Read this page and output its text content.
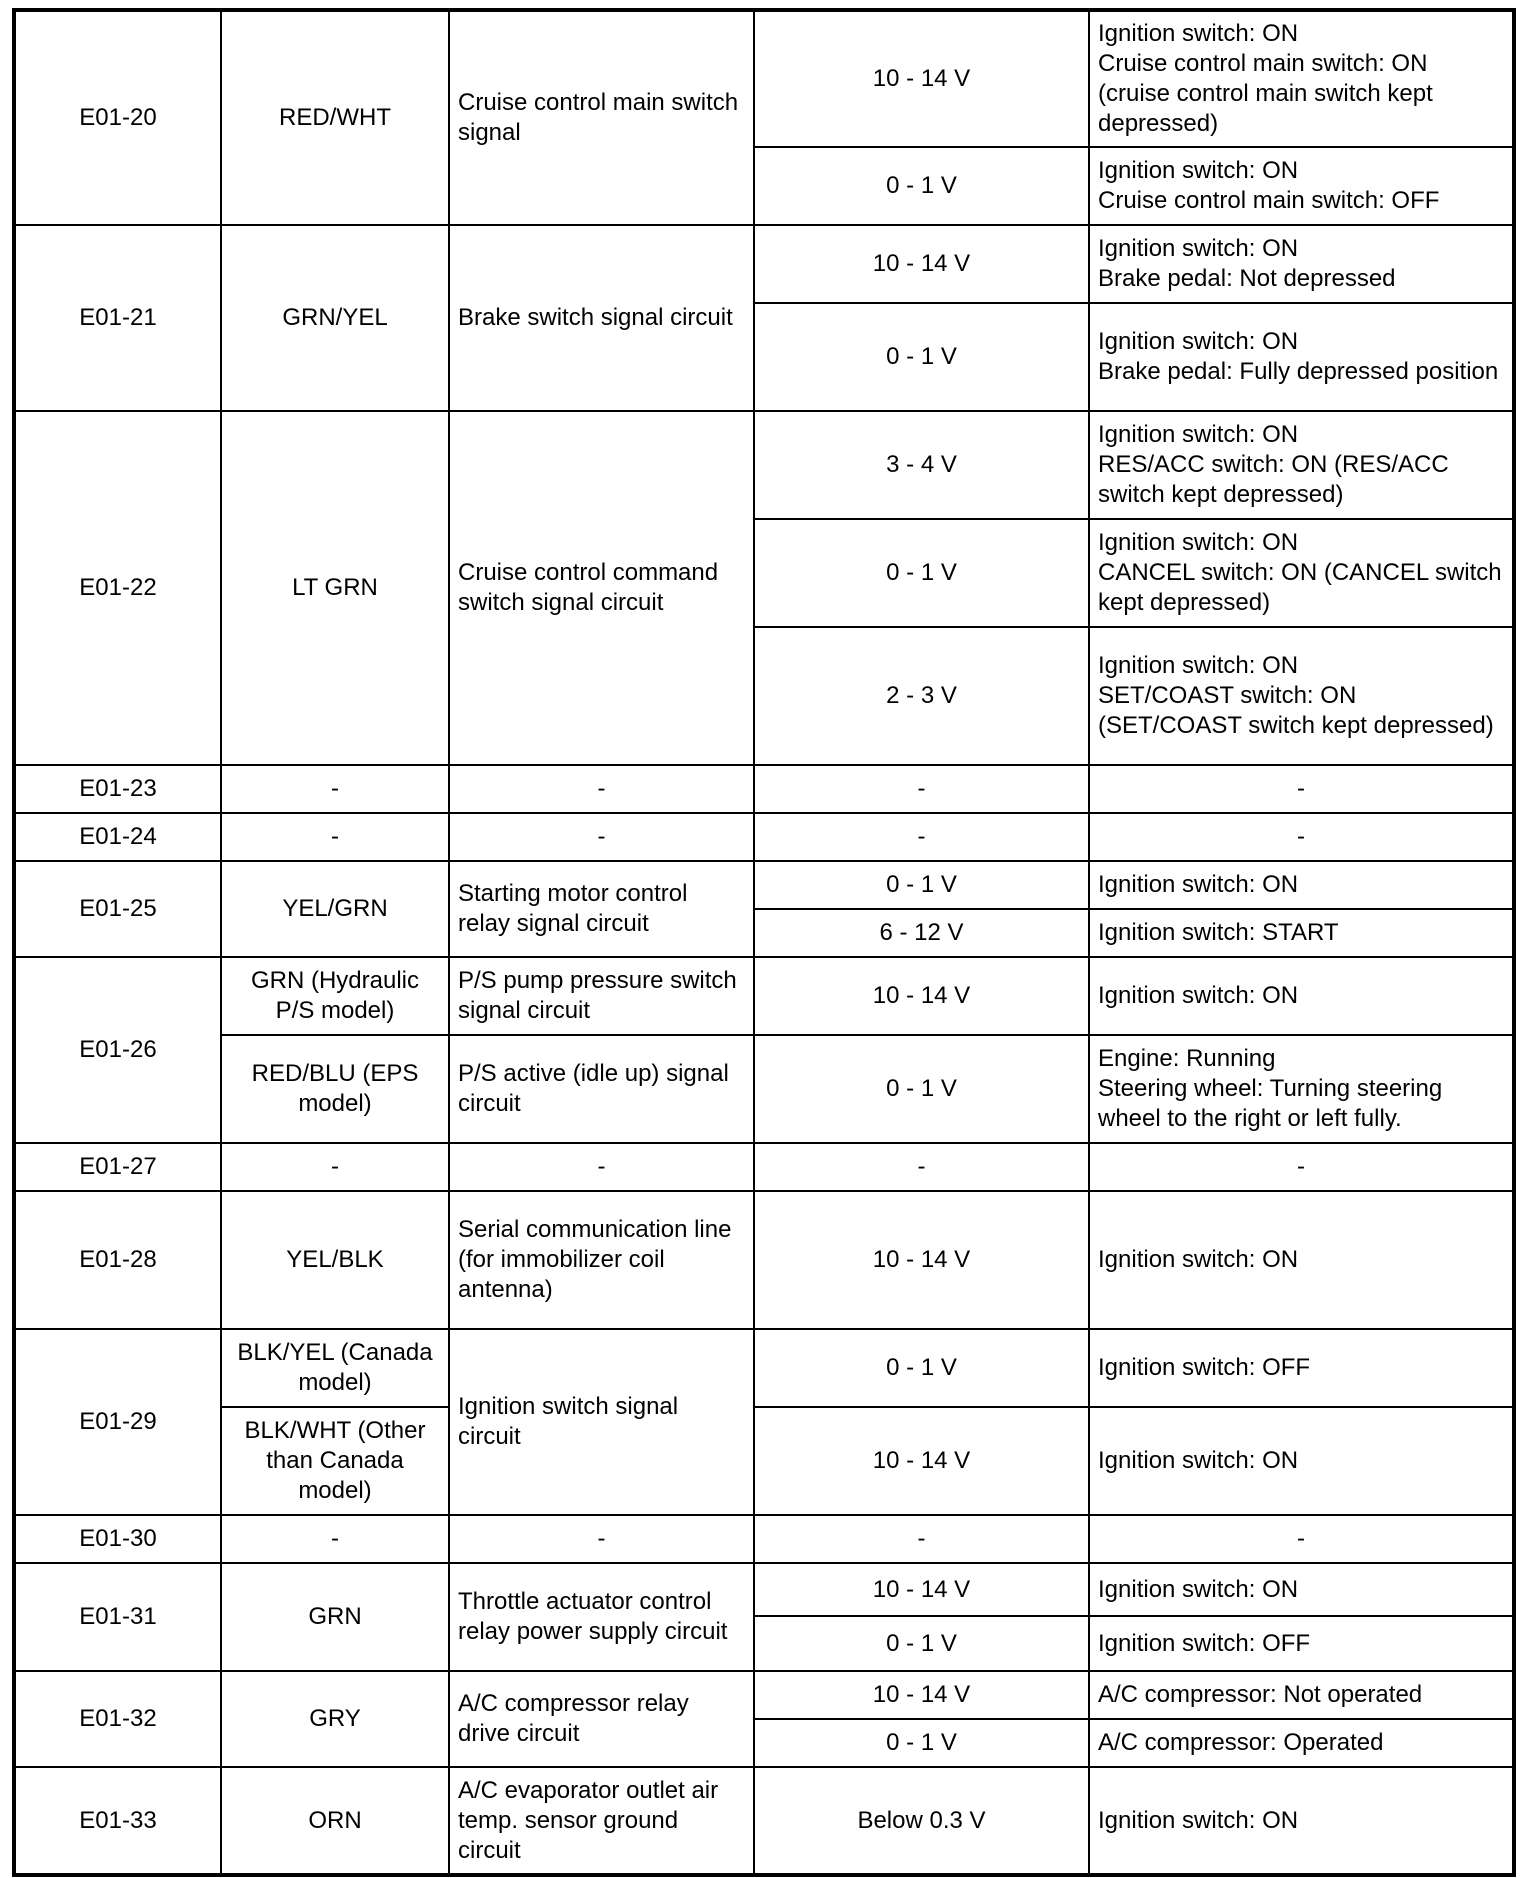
E01-20	RED/WHT	Cruise control main switch signal	10 - 14 V	Ignition switch: ON
Cruise control main switch: ON
(cruise control main switch kept depressed)
			0 - 1 V	Ignition switch: ON
Cruise control main switch: OFF
E01-21	GRN/YEL	Brake switch signal circuit	10 - 14 V	Ignition switch: ON
Brake pedal: Not depressed
			0 - 1 V	Ignition switch: ON
Brake pedal: Fully depressed position
E01-22	LT GRN	Cruise control command switch signal circuit	3 - 4 V	Ignition switch: ON
RES/ACC switch: ON (RES/ACC switch kept depressed)
			0 - 1 V	Ignition switch: ON
CANCEL switch: ON (CANCEL switch kept depressed)
			2 - 3 V	Ignition switch: ON
SET/COAST switch: ON
(SET/COAST switch kept depressed)
E01-23	-	-	-	-
E01-24	-	-	-	-
E01-25	YEL/GRN	Starting motor control relay signal circuit	0 - 1 V	Ignition switch: ON
			6 - 12 V	Ignition switch: START
E01-26	GRN (Hydraulic P/S model)	P/S pump pressure switch signal circuit	10 - 14 V	Ignition switch: ON
	RED/BLU (EPS model)	P/S active (idle up) signal circuit	0 - 1 V	Engine: Running
Steering wheel: Turning steering wheel to the right or left fully.
E01-27	-	-	-	-
E01-28	YEL/BLK	Serial communication line
(for immobilizer coil antenna)	10 - 14 V	Ignition switch: ON
E01-29	BLK/YEL (Canada model)	Ignition switch signal circuit	0 - 1 V	Ignition switch: OFF
	BLK/WHT (Other than Canada model)		10 - 14 V	Ignition switch: ON
E01-30	-	-	-	-
E01-31	GRN	Throttle actuator control relay power supply circuit	10 - 14 V	Ignition switch: ON
			0 - 1 V	Ignition switch: OFF
E01-32	GRY	A/C compressor relay drive circuit	10 - 14 V	A/C compressor: Not operated
			0 - 1 V	A/C compressor: Operated
E01-33	ORN	A/C evaporator outlet air temp. sensor ground circuit	Below 0.3 V	Ignition switch: ON
